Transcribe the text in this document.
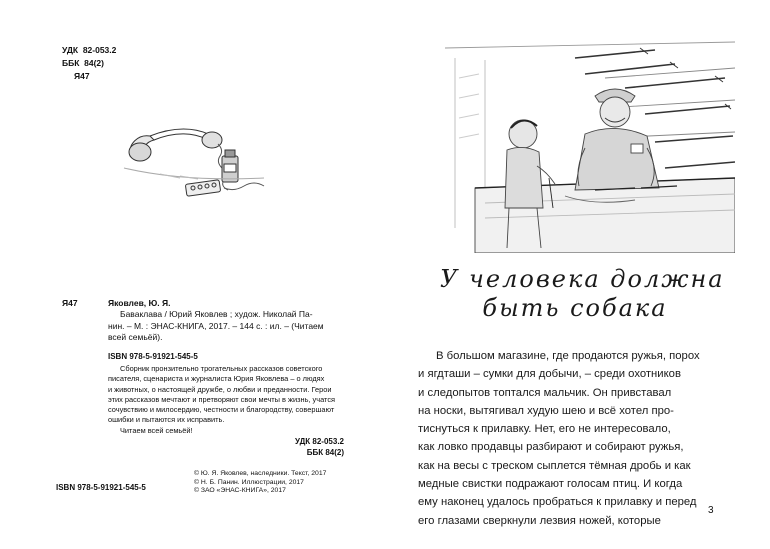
УДК  82-053.2
ББК  84(2)
Я47
Я47	Яковлев, Ю. Я.
Баваклава / Юрий Яковлев ; худож. Николай Па-
нин. – М. : ЭНАС-КНИГА, 2017. – 144 с. : ил. – (Читаем
всей семьёй).
ISBN 978-5-91921-545-5

Сборник пронзительно трогательных рассказов советского

писателя, сценариста и журналиста Юрия Яковлева – о людях

и животных, о настоящей дружбе, о любви и преданности. Герои

этих рассказов мечтают и претворяют свои мечты в жизнь, учатся

сочувствию и милосердию, честности и благородству, совершают

ошибки и пытаются их исправить.

Читаем всей семьёй!

УДК 82-053.2
ББК 84(2)
© Ю. Я. Яковлев, наследники. Текст, 2017
© Н. Б. Панин. Иллюстрации, 2017
© ЗАО «ЭНАС-КНИГА», 2017
ISBN 978-5-91921-545-5
У человека должна
быть собака
В большом магазине, где продаются ружья, порох
и ягдташи – сумки для добычи, – среди охотников
и следопытов топтался мальчик. Он привставал
на носки, вытягивал худую шею и всё хотел про-
тиснуться к прилавку. Нет, его не интересовало,
как ловко продавцы разбирают и собирают ружья,
как на весы с треском сыплется тёмная дробь и как
медные свистки подражают голосам птиц. И когда
ему наконец удалось пробраться к прилавку и перед
его глазами сверкнули лезвия ножей, которые
3
